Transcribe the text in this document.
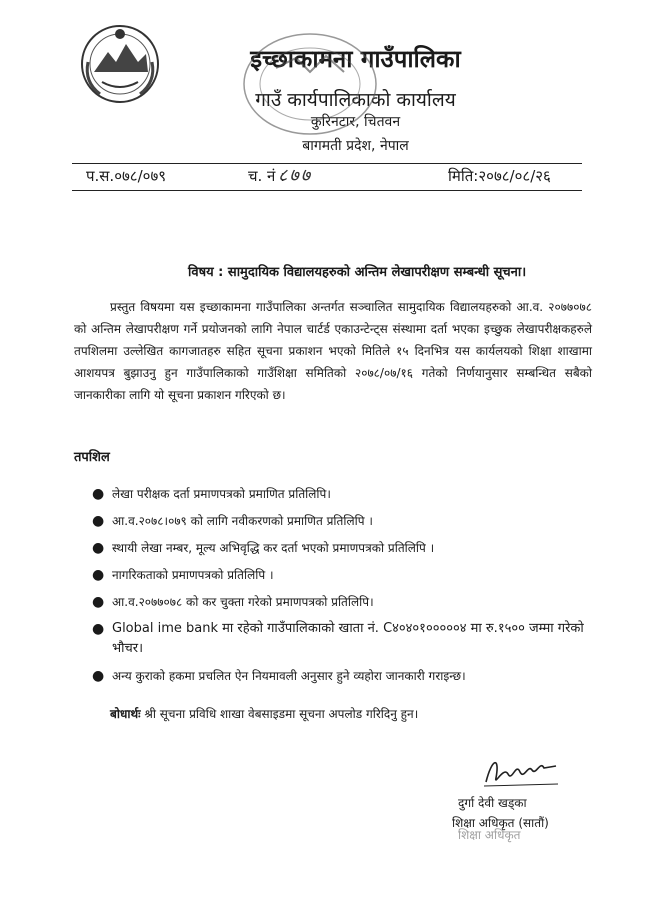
इच्छाकामना गाउँपालिका
गाउँ कार्यपालिकाको कार्यालय
कुरिनटार, चितवन
बागमती प्रदेश, नेपाल
प.स.०७८/०७९	च. नं :
८७७	मिति:२०७८/०८/२६
विषय : सामुदायिक विद्यालयहरुको अन्तिम लेखापरीक्षण सम्बन्धी सूचना।
प्रस्तुत विषयमा यस इच्छाकामना गाउँपालिका अन्तर्गत सञ्चालित सामुदायिक विद्यालयहरुको आ.व. २०७७०७८ को अन्तिम लेखापरीक्षण गर्ने प्रयोजनको लागि नेपाल चार्टर्ड एकाउन्टेन्ट्स संस्थामा दर्ता भएका इच्छुक लेखापरीक्षकहरुले तपशिलमा उल्लेखित कागजातहरु सहित सूचना प्रकाशन भएको मितिले १५ दिनभित्र यस कार्यलयको शिक्षा शाखामा आशयपत्र बुझाउनु हुन गाउँपालिकाको गाउँशिक्षा समितिको २०७८/०७/१६ गतेको निर्णयानुसार सम्बन्धित सबैको जानकारीका लागि यो सूचना प्रकाशन गरिएको छ।
तपशिल
● लेखा परीक्षक दर्ता प्रमाणपत्रको प्रमाणित प्रतिलिपि।
● आ.व.२०७८।०७९ को लागि नवीकरणको प्रमाणित प्रतिलिपि ।
● स्थायी लेखा नम्बर, मूल्य अभिवृद्धि कर दर्ता भएको प्रमाणपत्रको प्रतिलिपि ।
● नागरिकताको प्रमाणपत्रको प्रतिलिपि ।
● आ.व.२०७७०७८ को कर चुक्ता गरेको प्रमाणपत्रको प्रतिलिपि।
● Global ime bank मा रहेको गाउँपालिकाको खाता नं. C४०४०१०००००४ मा रु.१५०० जम्मा गरेको भौचर।
● अन्य कुराको हकमा प्रचलित ऐन नियमावली अनुसार हुने व्यहोरा जानकारी गराइन्छ।
बोधार्थः श्री सूचना प्रविधि शाखा वेबसाइडमा सूचना अपलोड गरिदिनु हुन।
दुर्गा देवी खड्का
शिक्षा अधिकृत (सातौं)
शिक्षा अधिकृत
